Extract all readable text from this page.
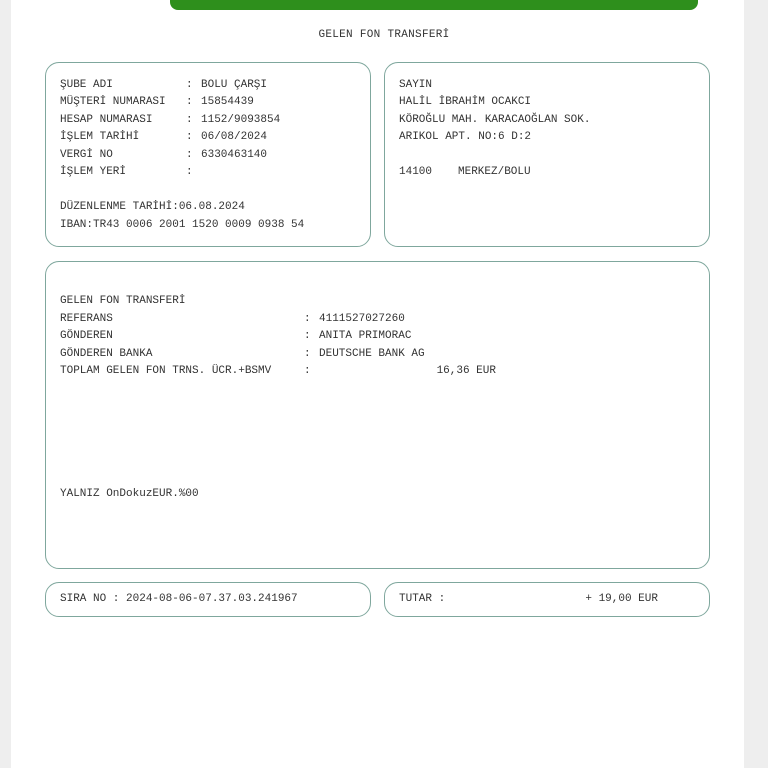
GELEN FON TRANSFERİ
ŞUBE ADI	: BOLU ÇARŞI
MÜŞTERİ NUMARASI : 15854439
HESAP NUMARASI	: 1152/9093854
İŞLEM TARİHİ	: 06/08/2024
VERGİ NO	: 6330463140
İŞLEM YERİ	:
DÜZENLENME TARİHİ:06.08.2024
IBAN:TR43 0006 2001 1520 0009 0938 54
SAYIN
HALİL İBRAHİM OCAKCI
KÖROĞLU MAH. KARACAOĞLAN SOK.
ARIKOL APT. NO:6 D:2
14100 MERKEZ/BOLU
GELEN FON TRANSFERİ
REFERANS	: 4111527027260
GÖNDEREN	: ANITA PRIMORAC
GÖNDEREN BANKA	: DEUTSCHE BANK AG
TOPLAM GELEN FON TRNS. ÜCR.+BSMV	:	16,36 EUR
YALNIZ OnDokuzEUR.%00
SIRA NO : 2024-08-06-07.37.03.241967	TUTAR :	+ 19,00 EUR
